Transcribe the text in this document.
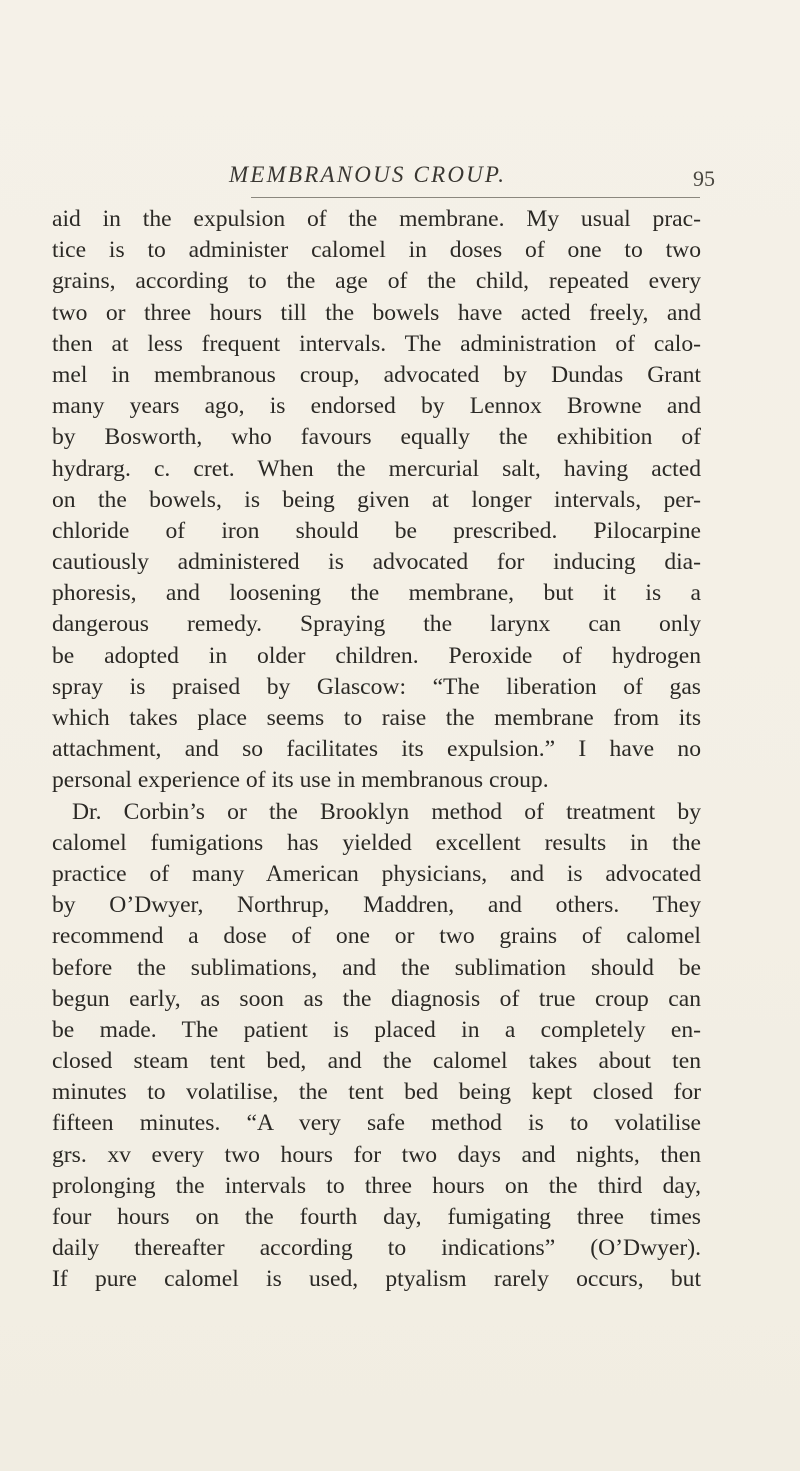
MEMBRANOUS CROUP.	95
aid in the expulsion of the membrane. My usual prac-
tice is to administer calomel in doses of one to two
grains, according to the age of the child, repeated every
two or three hours till the bowels have acted freely, and
then at less frequent intervals. The administration of calo-
mel in membranous croup, advocated by Dundas Grant
many years ago, is endorsed by Lennox Browne and
by Bosworth, who favours equally the exhibition of
hydrarg. c. cret. When the mercurial salt, having acted
on the bowels, is being given at longer intervals, per-
chloride of iron should be prescribed. Pilocarpine
cautiously administered is advocated for inducing dia-
phoresis, and loosening the membrane, but it is a
dangerous remedy. Spraying the larynx can only
be adopted in older children. Peroxide of hydrogen
spray is praised by Glascow: “The liberation of gas
which takes place seems to raise the membrane from its
attachment, and so facilitates its expulsion.” I have no
personal experience of its use in membranous croup.
Dr. Corbin’s or the Brooklyn method of treatment by
calomel fumigations has yielded excellent results in the
practice of many American physicians, and is advocated
by O’Dwyer, Northrup, Maddren, and others. They
recommend a dose of one or two grains of calomel
before the sublimations, and the sublimation should be
begun early, as soon as the diagnosis of true croup can
be made. The patient is placed in a completely en-
closed steam tent bed, and the calomel takes about ten
minutes to volatilise, the tent bed being kept closed for
fifteen minutes. “A very safe method is to volatilise
grs. xv every two hours for two days and nights, then
prolonging the intervals to three hours on the third day,
four hours on the fourth day, fumigating three times
daily thereafter according to indications” (O’Dwyer).
If pure calomel is used, ptyalism rarely occurs, but
